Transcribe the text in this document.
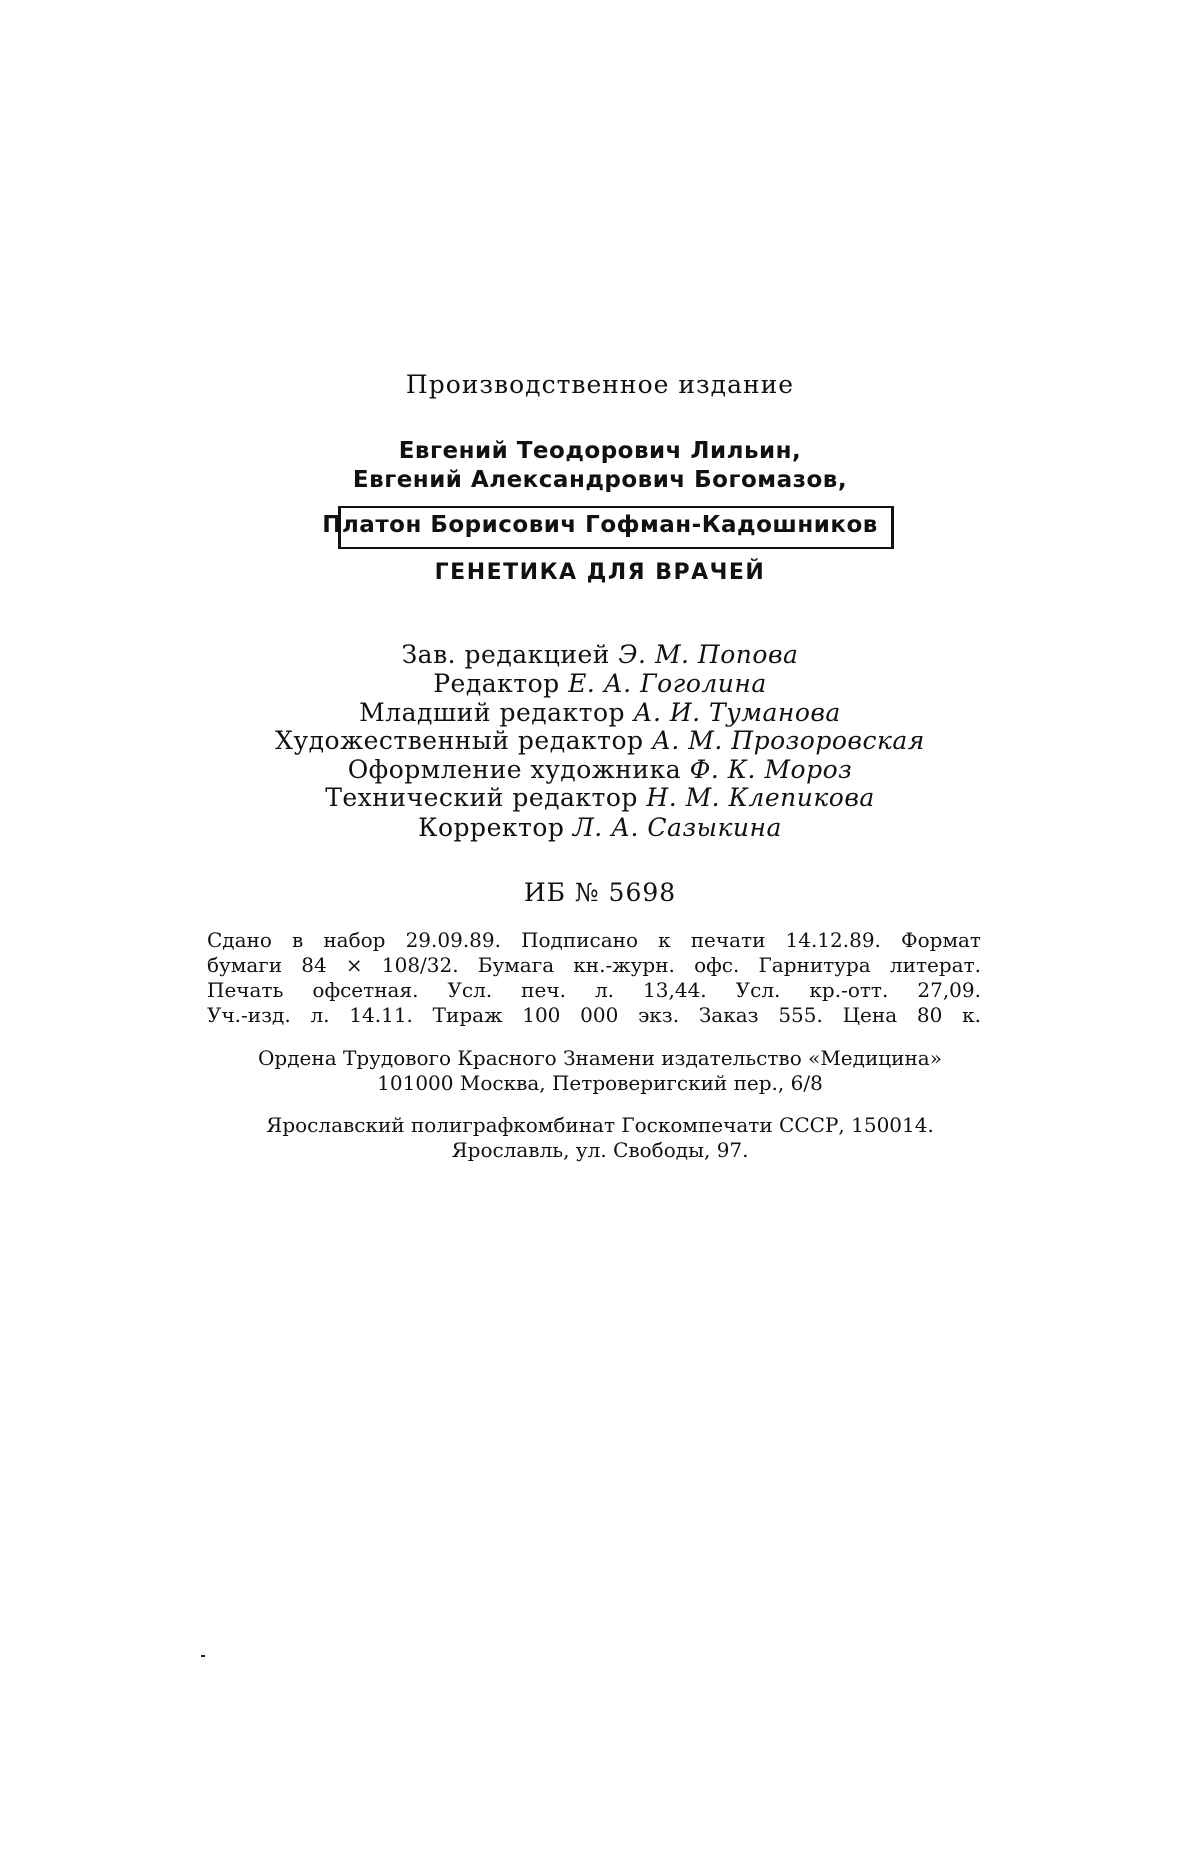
Производственное издание
Евгений Теодорович Лильин,
Евгений Александрович Богомазов,
Платон Борисович Гофман-Кадошников
ГЕНЕТИКА ДЛЯ ВРАЧЕЙ
Зав. редакцией Э. М. Попова
Редактор Е. А. Гоголина
Младший редактор А. И. Туманова
Художественный редактор А. М. Прозоровская
Оформление художника Ф. К. Мороз
Технический редактор Н. М. Клепикова
Корректор Л. А. Сазыкина
ИБ № 5698
Сдано в набор 29.09.89. Подписано к печати 14.12.89. Формат
бумаги 84 × 108/32. Бумага кн.-журн. офс. Гарнитура литерат.
Печать офсетная. Усл. печ. л. 13,44. Усл. кр.-отт. 27,09.
Уч.-изд. л. 14.11. Тираж 100 000 экз. Заказ 555. Цена 80 к.
Ордена Трудового Красного Знамени издательство «Медицина»
101000 Москва, Петроверигский пер., 6/8
Ярославский полиграфкомбинат Госкомпечати СССР, 150014.
Ярославль, ул. Свободы, 97.
